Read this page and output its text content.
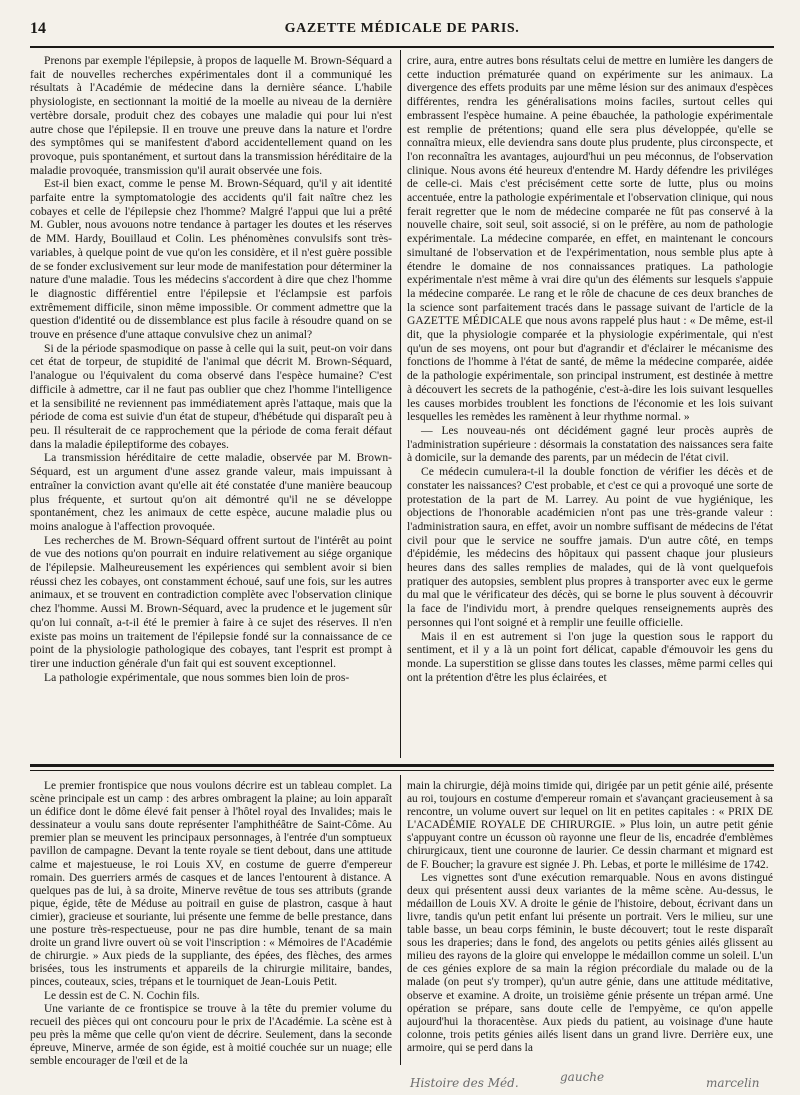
14	GAZETTE MÉDICALE DE PARIS.

Prenons par exemple l'épilepsie, à propos de laquelle M. Brown-Séquard a fait de nouvelles recherches expérimentales dont il a communiqué les résultats à l'Académie de médecine dans la dernière séance. L'habile physiologiste, en sectionnant la moitié de la moelle au niveau de la dernière vertèbre dorsale, produit chez des cobayes une maladie qui pour lui n'est autre chose que l'épilepsie. Il en trouve une preuve dans la nature et l'ordre des symptômes qui se manifestent d'abord accidentellement quand on les provoque, puis spontanément, et surtout dans la transmission héréditaire de la maladie provoquée, transmission qu'il aurait observée une fois.

Est-il bien exact, comme le pense M. Brown-Séquard, qu'il y ait identité parfaite entre la symptomatologie des accidents qu'il fait naître chez les cobayes et celle de l'épilepsie chez l'homme? Malgré l'appui que lui a prêté M. Gubler, nous avouons notre tendance à partager les doutes et les réserves de MM. Hardy, Bouillaud et Colin. Les phénomènes convulsifs sont très-variables, à quelque point de vue qu'on les considère, et il n'est guère possible de se fonder exclusivement sur leur mode de manifestation pour déterminer la nature d'une maladie. Tous les médecins s'accordent à dire que chez l'homme le diagnostic différentiel entre l'épilepsie et l'éclampsie est parfois extrêmement difficile, sinon même impossible. Or comment admettre que la question d'identité ou de dissemblance est plus facile à résoudre quand on se trouve en présence d'une attaque convulsive chez un animal?

Si de la période spasmodique on passe à celle qui la suit, peut-on voir dans cet état de torpeur, de stupidité de l'animal que décrit M. Brown-Séquard, l'analogue ou l'équivalent du coma observé dans l'espèce humaine? C'est difficile à admettre, car il ne faut pas oublier que chez l'homme l'intelligence et la sensibilité ne reviennent pas immédiatement après l'attaque, mais que la période de coma est suivie d'un état de stupeur, d'hébétude qui disparaît peu à peu. Il résulterait de ce rapprochement que la période de coma ferait défaut dans la maladie épileptiforme des cobayes.

La transmission héréditaire de cette maladie, observée par M. Brown-Séquard, est un argument d'une assez grande valeur, mais impuissant à entraîner la conviction avant qu'elle ait été constatée d'une manière beaucoup plus fréquente, et surtout qu'on ait démontré qu'il ne se développe spontanément, chez les animaux de cette espèce, aucune maladie plus ou moins analogue à l'affection provoquée.

Les recherches de M. Brown-Séquard offrent surtout de l'intérêt au point de vue des notions qu'on pourrait en induire relativement au siége organique de l'épilepsie. Malheureusement les expériences qui semblent avoir si bien réussi chez les cobayes, ont constamment échoué, sauf une fois, sur les autres animaux, et se trouvent en contradiction complète avec l'observation clinique chez l'homme. Aussi M. Brown-Séquard, avec la prudence et le jugement sûr qu'on lui connaît, a-t-il été le premier à faire à ce sujet des réserves. Il n'en existe pas moins un traitement de l'épilepsie fondé sur la connaissance de ce point de la physiologie pathologique des cobayes, tant l'esprit est prompt à tirer une induction générale d'un fait qui est souvent exceptionnel.

La pathologie expérimentale, que nous sommes bien loin de pros-

crire, aura, entre autres bons résultats celui de mettre en lumière les dangers de cette induction prématurée quand on expérimente sur les animaux. La divergence des effets produits par une même lésion sur des animaux d'espèces différentes, rendra les généralisations moins faciles, surtout celles qui embrassent l'espèce humaine. A peine ébauchée, la pathologie expérimentale est remplie de prétentions; quand elle sera plus développée, qu'elle se connaîtra mieux, elle deviendra sans doute plus prudente, plus circonspecte, et l'on reconnaîtra les avantages, aujourd'hui un peu méconnus, de l'observation clinique. Nous avons été heureux d'entendre M. Hardy défendre les priviléges de celle-ci. Mais c'est précisément cette sorte de lutte, plus ou moins accentuée, entre la pathologie expérimentale et l'observation clinique, qui nous ferait regretter que le nom de médecine comparée ne fût pas conservé à la nouvelle chaire, soit seul, soit associé, si on le préfère, au nom de pathologie expérimentale. La médecine comparée, en effet, en maintenant le concours simultané de l'observation et de l'expérimentation, nous semble plus apte à étendre le domaine de nos connaissances pratiques. La pathologie expérimentale n'est même à vrai dire qu'un des éléments sur lesquels s'appuie la médecine comparée. Le rang et le rôle de chacune de ces deux branches de la science sont parfaitement tracés dans le passage suivant de l'article de la GAZETTE MÉDICALE que nous avons rappelé plus haut : « De même, est-il dit, que la physiologie comparée et la physiologie expérimentale, qui n'est qu'un de ses moyens, ont pour but d'agrandir et d'éclairer le mécanisme des fonctions de l'homme à l'état de santé, de même la médecine comparée, aidée de la pathologie expérimentale, son principal instrument, est destinée à mettre à découvert les secrets de la pathogénie, c'est-à-dire les lois suivant lesquelles les causes morbides troublent les fonctions de l'économie et les lois suivant lesquelles les remèdes les ramènent à leur rhythme normal. »

— Les nouveau-nés ont décidément gagné leur procès auprès de l'administration supérieure : désormais la constatation des naissances sera faite à domicile, sur la demande des parents, par un médecin de l'état civil.

Ce médecin cumulera-t-il la double fonction de vérifier les décès et de constater les naissances? C'est probable, et c'est ce qui a provoqué une sorte de protestation de la part de M. Larrey. Au point de vue hygiénique, les objections de l'honorable académicien n'ont pas une très-grande valeur : l'administration saura, en effet, avoir un nombre suffisant de médecins de l'état civil pour que le service ne souffre jamais. D'un autre côté, en temps d'épidémie, les médecins des hôpitaux qui passent chaque jour plusieurs heures dans des salles remplies de malades, qui de là vont quelquefois pratiquer des autopsies, semblent plus propres à transporter avec eux le germe du mal que le vérificateur des décès, qui se borne le plus souvent à découvrir la face de l'individu mort, à prendre quelques renseignements auprès des personnes qui l'ont soigné et à remplir une feuille officielle.

Mais il en est autrement si l'on juge la question sous le rapport du sentiment, et il y a là un point fort délicat, capable d'émouvoir les gens du monde. La superstition se glisse dans toutes les classes, même parmi celles qui ont la prétention d'être les plus éclairées, et

Le premier frontispice que nous voulons décrire est un tableau complet. La scène principale est un camp : des arbres ombragent la plaine; au loin apparaît un édifice dont le dôme élevé fait penser à l'hôtel royal des Invalides; mais le dessinateur a voulu sans doute représenter l'amphithéâtre de Saint-Côme. Au premier plan se meuvent les principaux personnages, à l'entrée d'un somptueux pavillon de campagne. Devant la tente royale se tient debout, dans une attitude calme et majestueuse, le roi Louis XV, en costume de guerre d'empereur romain. Des guerriers armés de casques et de lances l'entourent à distance. A quelques pas de lui, à sa droite, Minerve revêtue de tous ses attributs (grande pique, égide, tête de Méduse au poitrail en guise de plastron, casque à haut cimier), gracieuse et souriante, lui présente une femme de belle prestance, dans une posture très-respectueuse, pour ne pas dire humble, tenant de sa main droite un grand livre ouvert où se voit l'inscription : « Mémoires de l'Académie de chirurgie. » Aux pieds de la suppliante, des épées, des flèches, des armes brisées, tous les instruments et appareils de la chirurgie militaire, bandes, pinces, couteaux, scies, trépans et le tourniquet de Jean-Louis Petit.

Le dessin est de C. N. Cochin fils.

Une variante de ce frontispice se trouve à la tête du premier volume du recueil des pièces qui ont concouru pour le prix de l'Académie. La scène est à peu près la même que celle qu'on vient de décrire. Seulement, dans la seconde épreuve, Minerve, armée de son égide, est à moitié couchée sur un nuage; elle semble encourager de l'œil et de la

main la chirurgie, déjà moins timide qui, dirigée par un petit génie ailé, présente au roi, toujours en costume d'empereur romain et s'avançant gracieusement à sa rencontre, un volume ouvert sur lequel on lit en petites capitales : « PRIX DE L'ACADÉMIE ROYALE DE CHIRURGIE. » Plus loin, un autre petit génie s'appuyant contre un écusson où rayonne une fleur de lis, encadrée d'emblèmes chirurgicaux, tient une couronne de laurier. Ce dessin charmant et mignard est de F. Boucher; la gravure est signée J. Ph. Lebas, et porte le millésime de 1742.

Les vignettes sont d'une exécution remarquable. Nous en avons distingué deux qui présentent aussi deux variantes de la même scène. Au-dessus, le médaillon de Louis XV. A droite le génie de l'histoire, debout, écrivant dans un livre, tandis qu'un petit enfant lui présente un portrait. Vers le milieu, sur une table basse, un beau corps féminin, le buste découvert; tout le reste disparaît sous les draperies; dans le fond, des angelots ou petits génies ailés glissent au milieu des rayons de la gloire qui enveloppe le médaillon comme un soleil. L'un de ces génies explore de sa main la région précordiale du malade ou de la malade (on peut s'y tromper), qu'un autre génie, dans une attitude méditative, observe et examine. A droite, un troisième génie présente un trépan armé. Une opération se prépare, sans doute celle de l'empyème, ce qu'on appelle aujourd'hui la thoracentèse. Aux pieds du patient, au voisinage d'une haute colonne, trois petits génies ailés lisent dans un grand livre. Derrière eux, une armoire, qui se perd dans la

Histoire des Méd.	gauche	marcelin
